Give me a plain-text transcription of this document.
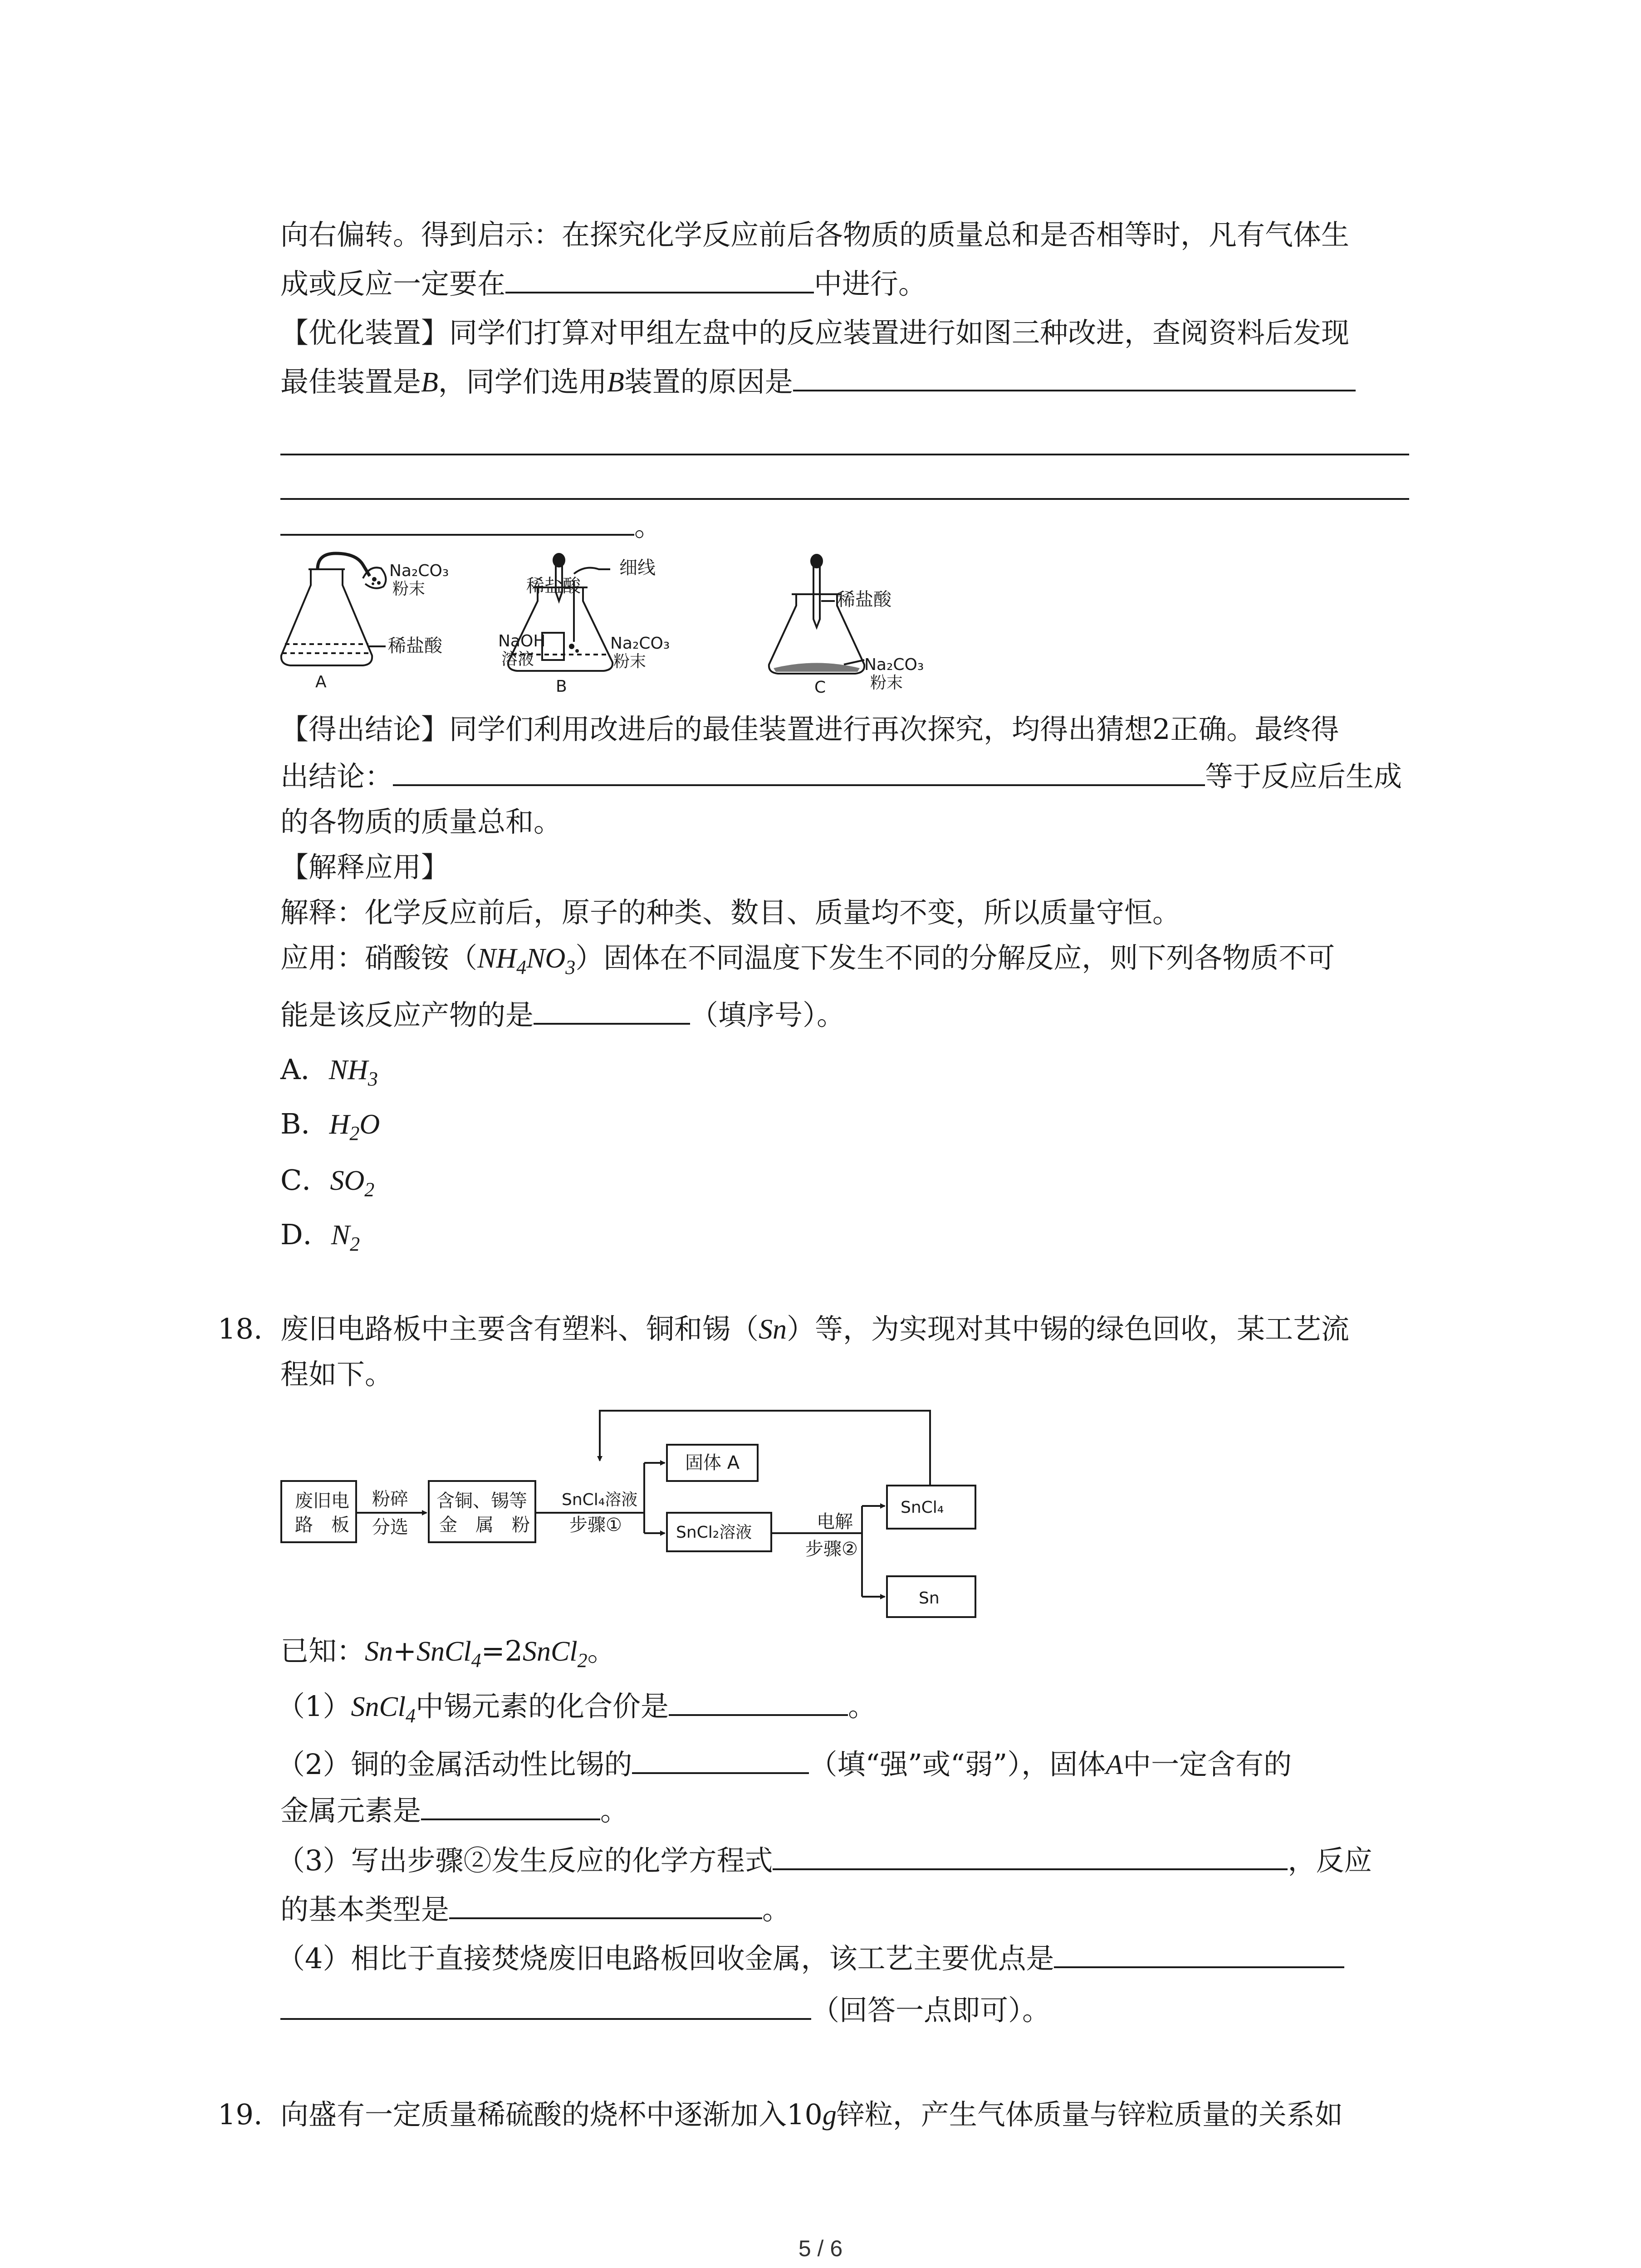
向右偏转。得到启示：在探究化学反应前后各物质的质量总和是否相等时，凡有气体生
成或反应一定要在	中进行。
【优化装置】同学们打算对甲组左盘中的反应装置进行如图三种改进，查阅资料后发现
最佳装置是B，同学们选用B装置的原因是
。
Na₂CO₃
粉末
稀盐酸
A
稀盐酸
细线
NaOH
溶液
Na₂CO₃
粉末
B
稀盐酸
Na₂CO₃
粉末
C
【得出结论】同学们利用改进后的最佳装置进行再次探究，均得出猜想2正确。最终得
出结论：	等于反应后生成
的各物质的质量总和。
【解释应用】
解释：化学反应前后，原子的种类、数目、质量均不变，所以质量守恒。
应用：硝酸铵$(NH_4NO_3)$固体在不同温度下发生不同的分解反应，则下列各物质不可
能是该反应产物的是	（填序号）。
A．$NH_3$
B．$H_2O$
C．$SO_2$
D．$N_2$
18. 废旧电路板中主要含有塑料、铜和锡（Sn）等，为实现对其中锡的绿色回收，某工艺流
程如下。
废旧电
路　板
粉碎
分选
含铜、锡等
金　属　粉
SnCl₄溶液
步骤①
固体 A
SnCl₂溶液
电解
步骤②
SnCl₄
Sn
已知：Sn+SnCl$_4$=2SnCl$_2$。
（1）SnCl$_4$中锡元素的化合价是	。
（2）铜的金属活动性比锡的	（填“强”或“弱”），固体A中一定含有的
金属元素是	。
（3）写出步骤②发生反应的化学方程式	，反应
的基本类型是	。
（4）相比于直接焚烧废旧电路板回收金属，该工艺主要优点是
（回答一点即可）。
19. 向盛有一定质量稀硫酸的烧杯中逐渐加入10g锌粒，产生气体质量与锌粒质量的关系如
5 / 6
